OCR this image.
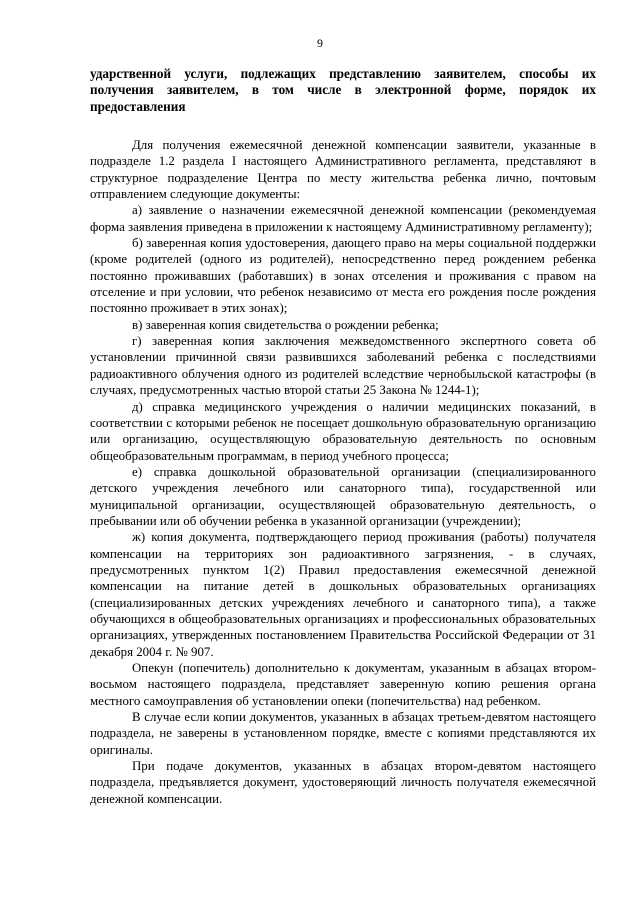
9
ударственной услуги, подлежащих представлению заявителем, способы их получения заявителем, в том числе в электронной форме, порядок их предоставления

Для получения ежемесячной денежной компенсации заявители, указанные в подразделе 1.2 раздела I настоящего Административного регламента, представляют в структурное подразделение Центра по месту жительства ребенка лично, почтовым отправлением следующие документы:

а) заявление о назначении ежемесячной денежной компенсации (рекомендуемая форма заявления приведена в приложении к настоящему Административному регламенту);

б) заверенная копия удостоверения, дающего право на меры социальной поддержки (кроме родителей (одного из родителей), непосредственно перед рождением ребенка постоянно проживавших (работавших) в зонах отселения и проживания с правом на отселение и при условии, что ребенок независимо от места его рождения после рождения постоянно проживает в этих зонах);

в) заверенная копия свидетельства о рождении ребенка;

г) заверенная копия заключения межведомственного экспертного совета об установлении причинной связи развившихся заболеваний ребенка с последствиями радиоактивного облучения одного из родителей вследствие чернобыльской катастрофы (в случаях, предусмотренных частью второй статьи 25 Закона № 1244-1);

д) справка медицинского учреждения о наличии медицинских показаний, в соответствии с которыми ребенок не посещает дошкольную образовательную организацию или организацию, осуществляющую образовательную деятельность по основным общеобразовательным программам, в период учебного процесса;

е) справка дошкольной образовательной организации (специализированного детского учреждения лечебного или санаторного типа), государственной или муниципальной организации, осуществляющей образовательную деятельность, о пребывании или об обучении ребенка в указанной организации (учреждении);

ж) копия документа, подтверждающего период проживания (работы) получателя компенсации на территориях зон радиоактивного загрязнения, - в случаях, предусмотренных пунктом 1(2) Правил предоставления ежемесячной денежной компенсации на питание детей в дошкольных образовательных организациях (специализированных детских учреждениях лечебного и санаторного типа), а также обучающихся в общеобразовательных организациях и профессиональных образовательных организациях, утвержденных постановлением Правительства Российской Федерации от 31 декабря 2004 г. № 907.

Опекун (попечитель) дополнительно к документам, указанным в абзацах втором-восьмом настоящего подраздела, представляет заверенную копию решения органа местного самоуправления об установлении опеки (попечительства) над ребенком.

В случае если копии документов, указанных в абзацах третьем-девятом настоящего подраздела, не заверены в установленном порядке, вместе с копиями представляются их оригиналы.

При подаче документов, указанных в абзацах втором-девятом настоящего подраздела, предъявляется документ, удостоверяющий личность получателя ежемесячной денежной компенсации.
